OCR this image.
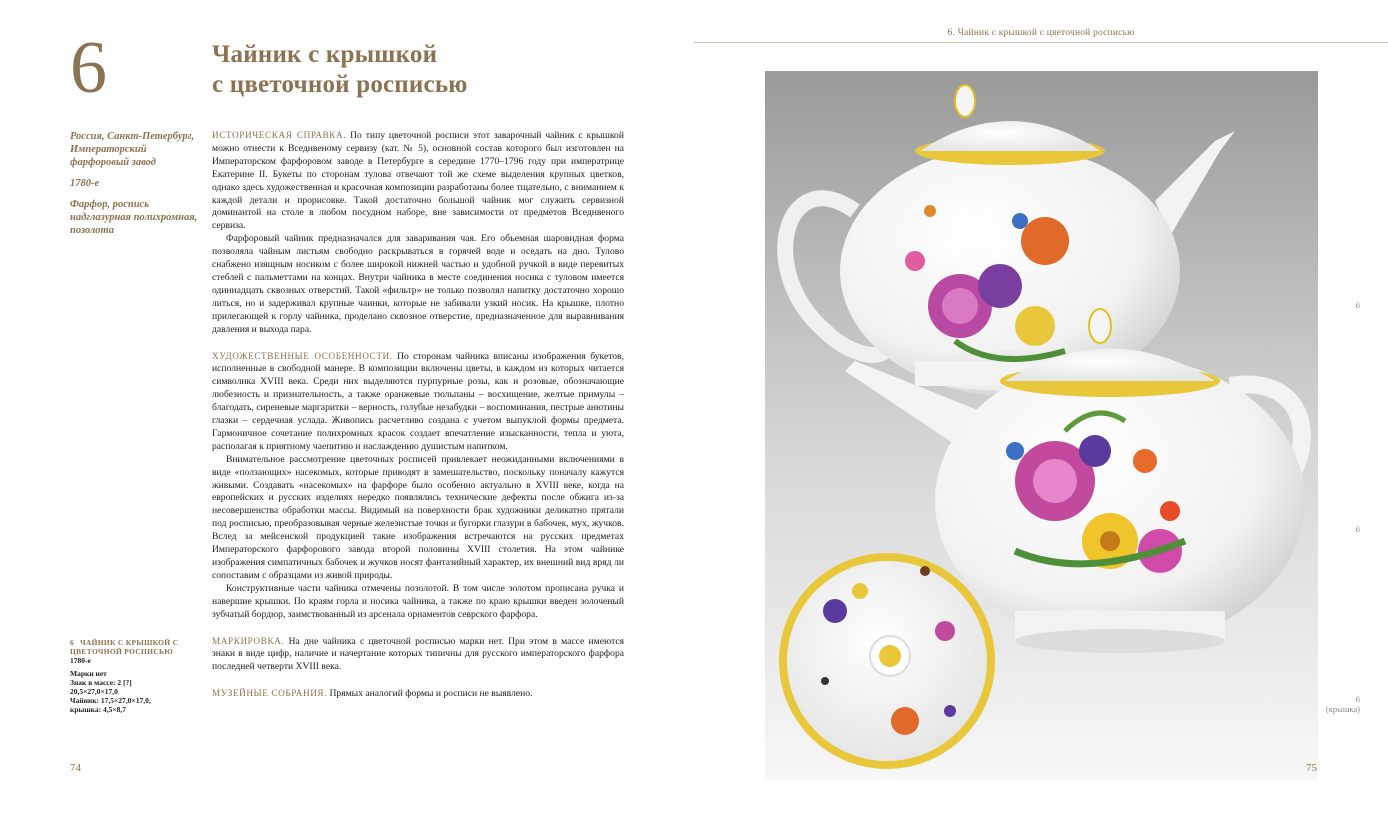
6	Чайник с крышкой
с цветочной росписью

Россия, Санкт-Петербург, Императорский фарфоровый завод

1780-е

Фарфор, роспись надглазурная полихромная, позолота

ИСТОРИЧЕСКАЯ СПРАВКА. По типу цветочной росписи этот заварочный чайник с крышкой можно отнести к Вседнвеному сервизу (кат. № 5), основной состав которого был изготовлен на Императорском фарфоровом заводе в Петербурге в середине 1770–1796 году при императрице Екатерине II. Букеты по сторонам тулова отвечают той же схеме выделения крупных цветков, однако здесь художественная и красочная композиции разработаны более тщательно, с вниманием к каждой детали и прорисовке. Такой достаточно большой чайник мог служить сервизной доминантой на столе в любом посудном наборе, вне зависимости от предметов Вседнвеного сервиза.

Фарфоровый чайник предназначался для заваривания чая. Его объемная шаровидная форма позволяла чайным листьям свободно раскрываться в горячей воде и оседать на дно. Тулово снабжено изящным носиком с более широкой нижней частью и удобной ручкой в виде перевитых стеблей с пальметтами на концах. Внутри чайника в месте соединения носика с туловом имеется одиннадцать сквозных отверстий. Такой «фильтр» не только позволял напитку достаточно хорошо литься, но и задерживал крупные чаинки, которые не забивали узкий носик. На крышке, плотно прилегающей к горлу чайника, проделано сквозное отверстие, предназначенное для выравнивания давления и выхода пара.

ХУДОЖЕСТВЕННЫЕ ОСОБЕННОСТИ. По сторонам чайника вписаны изображения букетов, исполненные в свободной манере. В композиции включены цветы, в каждом из которых читается символика XVIII века. Среди них выделяются пурпурные розы, как и розовые, обозначающие любезность и признательность, а также оранжевые тюльпаны – восхищение, желтые примулы – благодать, сиреневые маргаритки – верность, голубые незабудки – воспоминания, пестрые анютины глазки – сердечная услада. Живопись расчетливо создана с учетом выпуклой формы предмета. Гармоничное сочетание полихромных красок создает впечатление изысканности, тепла и уюта, располагая к приятному чаепитию и наслаждению душистым напитком.

Внимательное рассмотрение цветочных росписей привлекает неожиданными включениями в виде «ползающих» насекомых, которые приводят в замешательство, поскольку поначалу кажутся живыми. Создавать «насекомых» на фарфоре было особенно актуально в XVIII веке, когда на европейских и русских изделиях нередко появлялись технические дефекты после обжига из-за несовершенства обработки массы. Видимый на поверхности брак художники деликатно прятали под росписью, преобразовывая черные железистые точки и бугорки глазури в бабочек, мух, жучков. Вслед за мейсенской продукцией такие изображения встречаются на русских предметах Императорского фарфорового завода второй половины XVIII столетия. На этом чайнике изображения симпатичных бабочек и жучков носят фантазийный характер, их внешний вид вряд ли сопоставим с образцами из живой природы.

Конструктивные части чайника отмечены позолотой. В том числе золотом прописана ручка и навершие крышки. По краям горла и носика чайника, а также по краю крышки введен золоченый зубчатый бордюр, заимствованный из арсенала орнаментов севрского фарфора.

МАРКИРОВКА. На дне чайника с цветочной росписью марки нет. При этом в массе имеются знаки в виде цифр, наличие и начертание которых типичны для русского императорского фарфора последней четверти XVIII века.

МУЗЕЙНЫЕ СОБРАНИЯ. Прямых аналогий формы и росписи не выявлено.

6 ЧАЙНИК С КРЫШКОЙ С ЦВЕТОЧНОЙ РОСПИСЬЮ
1780-е
Марки нет
Знак в массе: 2 [?]
20,5×27,0×17,0
Чайник: 17,5×27,0×17,0,
крышка: 4,5×8,7
74
6. Чайник с крышкой с цветочной росписью
6
6
6
(крышка)
75
